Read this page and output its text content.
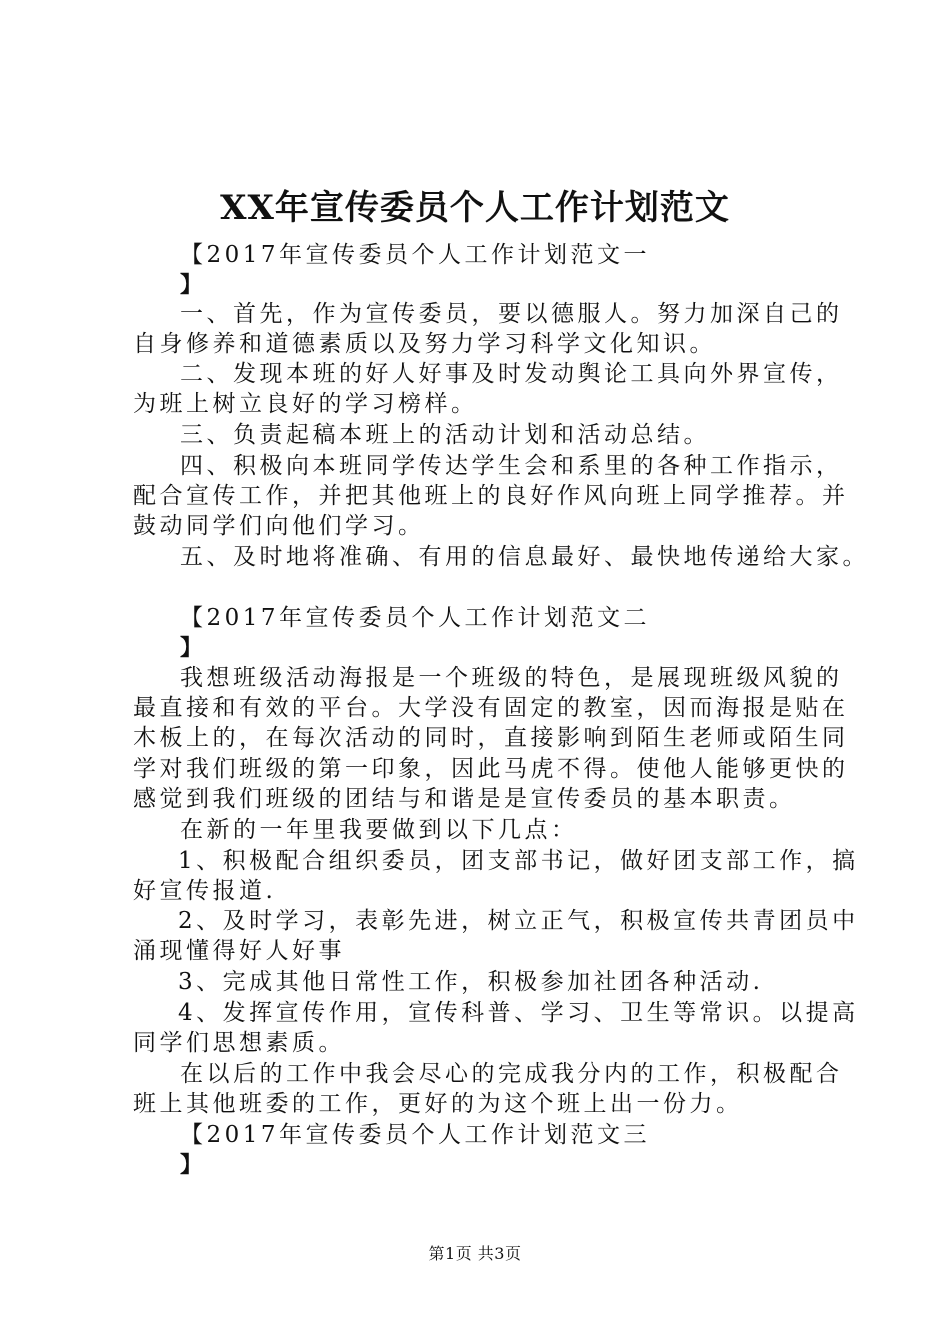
XX年宣传委员个人工作计划范文
【2017年宣传委员个人工作计划范文一
】
一、首先，作为宣传委员，要以德服人。努力加深自己的
自身修养和道德素质以及努力学习科学文化知识。
二、发现本班的好人好事及时发动舆论工具向外界宣传，
为班上树立良好的学习榜样。
三、负责起稿本班上的活动计划和活动总结。
四、积极向本班同学传达学生会和系里的各种工作指示，
配合宣传工作，并把其他班上的良好作风向班上同学推荐。并
鼓动同学们向他们学习。
五、及时地将准确、有用的信息最好、最快地传递给大家。
【2017年宣传委员个人工作计划范文二
】
我想班级活动海报是一个班级的特色，是展现班级风貌的
最直接和有效的平台。大学没有固定的教室，因而海报是贴在
木板上的，在每次活动的同时，直接影响到陌生老师或陌生同
学对我们班级的第一印象，因此马虎不得。使他人能够更快的
感觉到我们班级的团结与和谐是是宣传委员的基本职责。
在新的一年里我要做到以下几点：
1、积极配合组织委员，团支部书记，做好团支部工作，搞
好宣传报道.
2、及时学习，表彰先进，树立正气，积极宣传共青团员中
涌现懂得好人好事
3、完成其他日常性工作，积极参加社团各种活动.
4、发挥宣传作用，宣传科普、学习、卫生等常识。以提高
同学们思想素质。
在以后的工作中我会尽心的完成我分内的工作，积极配合
班上其他班委的工作，更好的为这个班上出一份力。
【2017年宣传委员个人工作计划范文三
】
第1页 共3页
